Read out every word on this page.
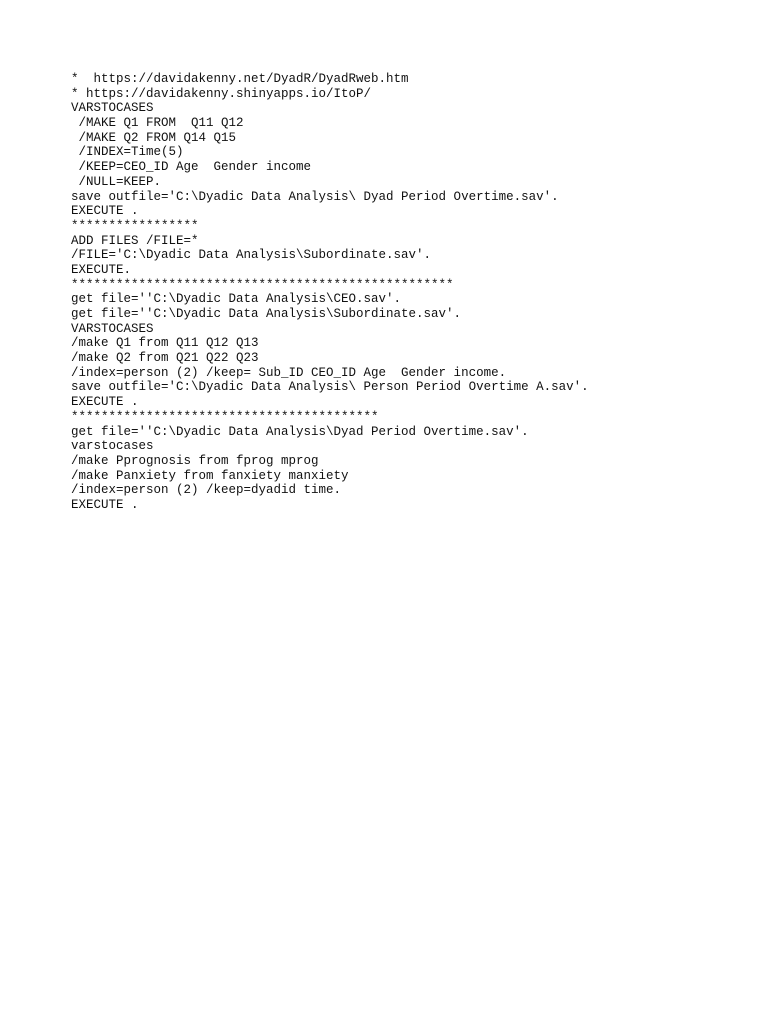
*  https://davidakenny.net/DyadR/DyadRweb.htm
* https://davidakenny.shinyapps.io/ItoP/
VARSTOCASES
/MAKE Q1 FROM  Q11 Q12
/MAKE Q2 FROM Q14 Q15
/INDEX=Time(5)
/KEEP=CEO_ID Age  Gender income
/NULL=KEEP.
save outfile='C:\Dyadic Data Analysis\ Dyad Period Overtime.sav'.
EXECUTE .
*****************
ADD FILES /FILE=*
/FILE='C:\Dyadic Data Analysis\Subordinate.sav'.
EXECUTE.
***************************************************
get file=''C:\Dyadic Data Analysis\CEO.sav'.
get file=''C:\Dyadic Data Analysis\Subordinate.sav'.
VARSTOCASES
/make Q1 from Q11 Q12 Q13
/make Q2 from Q21 Q22 Q23
/index=person (2) /keep= Sub_ID CEO_ID Age  Gender income.
save outfile='C:\Dyadic Data Analysis\ Person Period Overtime A.sav'.
EXECUTE .
*****************************************
get file=''C:\Dyadic Data Analysis\Dyad Period Overtime.sav'.
varstocases
/make Pprognosis from fprog mprog
/make Panxiety from fanxiety manxiety
/index=person (2) /keep=dyadid time.
EXECUTE .
